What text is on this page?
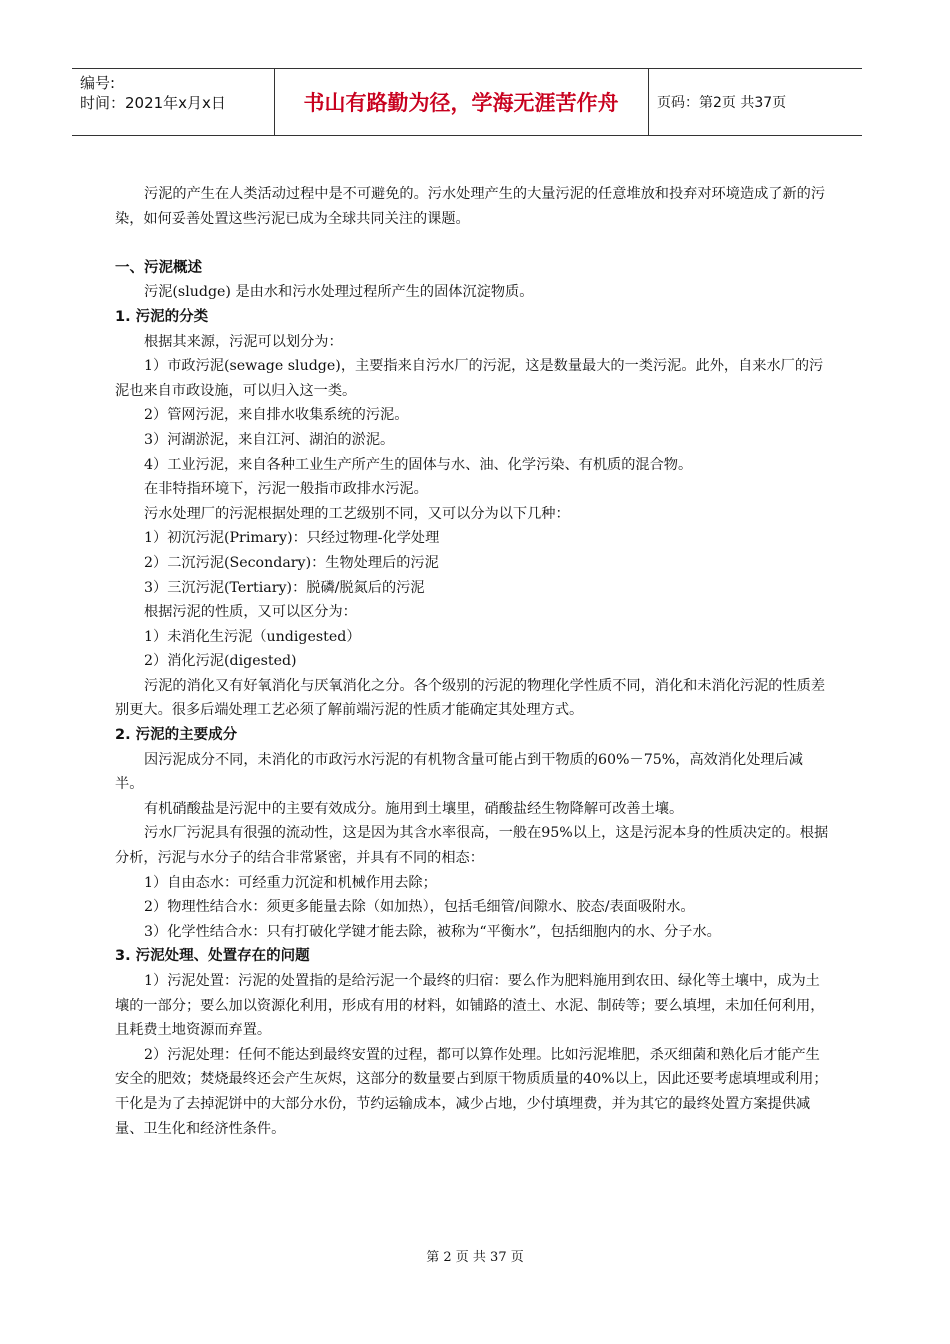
编号:
时间：2021年x月x日	书山有路勤为径，学海无涯苦作舟	页码：第2页 共37页

污泥的产生在人类活动过程中是不可避免的。污水处理产生的大量污泥的任意堆放和投弃对环境造成了新的污染，如何妥善处置这些污泥已成为全球共同关注的课题。

一、污泥概述

污泥(sludge) 是由水和污水处理过程所产生的固体沉淀物质。

1. 污泥的分类

根据其来源，污泥可以划分为：

1）市政污泥(sewage sludge)，主要指来自污水厂的污泥，这是数量最大的一类污泥。此外，自来水厂的污泥也来自市政设施，可以归入这一类。

2）管网污泥，来自排水收集系统的污泥。

3）河湖淤泥，来自江河、湖泊的淤泥。

4）工业污泥，来自各种工业生产所产生的固体与水、油、化学污染、有机质的混合物。

在非特指环境下，污泥一般指市政排水污泥。

污水处理厂的污泥根据处理的工艺级别不同，又可以分为以下几种：

1）初沉污泥(Primary)：只经过物理-化学处理

2）二沉污泥(Secondary)：生物处理后的污泥

3）三沉污泥(Tertiary)：脱磷/脱氮后的污泥

根据污泥的性质，又可以区分为：

1）未消化生污泥（undigested）

2）消化污泥(digested)

污泥的消化又有好氧消化与厌氧消化之分。各个级别的污泥的物理化学性质不同，消化和未消化污泥的性质差别更大。很多后端处理工艺必须了解前端污泥的性质才能确定其处理方式。

2. 污泥的主要成分

因污泥成分不同，未消化的市政污水污泥的有机物含量可能占到干物质的60%－75%，高效消化处理后减半。

有机硝酸盐是污泥中的主要有效成分。施用到土壤里，硝酸盐经生物降解可改善土壤。

污水厂污泥具有很强的流动性，这是因为其含水率很高，一般在95%以上，这是污泥本身的性质决定的。根据分析，污泥与水分子的结合非常紧密，并具有不同的相态：

1）自由态水：可经重力沉淀和机械作用去除；

2）物理性结合水：须更多能量去除（如加热），包括毛细管/间隙水、胶态/表面吸附水。

3）化学性结合水：只有打破化学键才能去除，被称为“平衡水”，包括细胞内的水、分子水。

3. 污泥处理、处置存在的问题

1）污泥处置：污泥的处置指的是给污泥一个最终的归宿：要么作为肥料施用到农田、绿化等土壤中，成为土壤的一部分；要么加以资源化利用，形成有用的材料，如铺路的渣土、水泥、制砖等；要么填埋，未加任何利用，且耗费土地资源而弃置。

2）污泥处理：任何不能达到最终安置的过程，都可以算作处理。比如污泥堆肥，杀灭细菌和熟化后才能产生安全的肥效；焚烧最终还会产生灰烬，这部分的数量要占到原干物质质量的40%以上，因此还要考虑填埋或利用；干化是为了去掉泥饼中的大部分水份，节约运输成本，减少占地，少付填埋费，并为其它的最终处置方案提供减量、卫生化和经济性条件。

第 2 页 共 37 页
